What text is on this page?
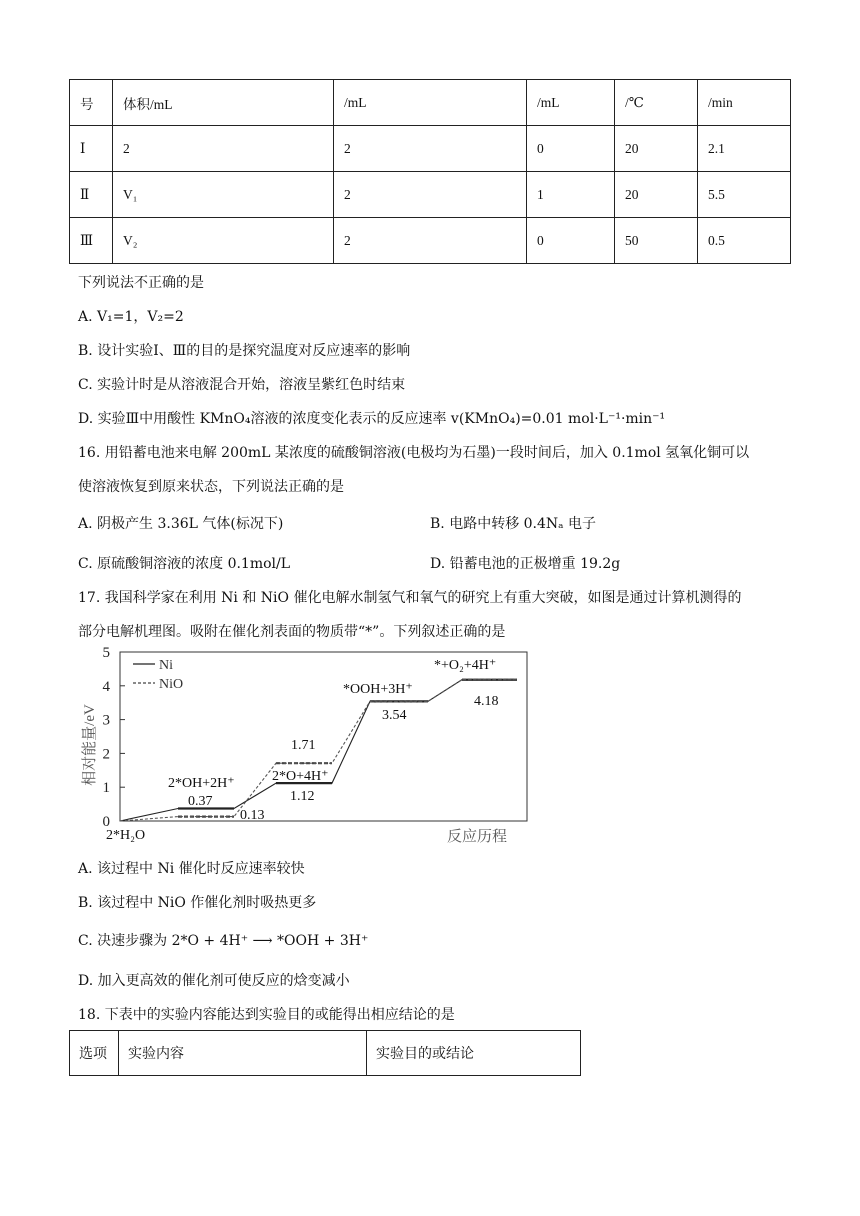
号	体积/mL	/mL	/mL	/℃	/min
Ⅰ	2	2	0	20	2.1
Ⅱ	V₁	2	1	20	5.5
Ⅲ	V₂	2	0	50	0.5
下列说法不正确的是
A. V₁=1，V₂=2
B. 设计实验Ⅰ、Ⅲ的目的是探究温度对反应速率的影响
C. 实验计时是从溶液混合开始，溶液呈紫红色时结束
D. 实验Ⅲ中用酸性 KMnO₄溶液的浓度变化表示的反应速率 v(KMnO₄)=0.01 mol·L⁻¹·min⁻¹
16. 用铅蓄电池来电解 200mL 某浓度的硫酸铜溶液(电极均为石墨)一段时间后，加入 0.1mol 氢氧化铜可以
使溶液恢复到原来状态，下列说法正确的是
A. 阴极产生 3.36L 气体(标况下)	B. 电路中转移 0.4Nₐ 电子
C. 原硫酸铜溶液的浓度 0.1mol/L	D. 铅蓄电池的正极增重 19.2g
17. 我国科学家在利用 Ni 和 NiO 催化电解水制氢气和氧气的研究上有重大突破，如图是通过计算机测得的
部分电解机理图。吸附在催化剂表面的物质带“*”。下列叙述正确的是
0
1
2
3
4
5
相对能量/eV
反应历程
Ni
NiO
2*H₂O
2*OH+2H⁺	2*O+4H⁺
*OOH+3H⁺
*+O₂+4H⁺
0.37
0.13
1.71
1.12
3.54
4.18
A. 该过程中 Ni 催化时反应速率较快
B. 该过程中 NiO 作催化剂时吸热更多
C. 决速步骤为 2*O + 4H⁺ ⟶ *OOH + 3H⁺
D. 加入更高效的催化剂可使反应的焓变减小
18. 下表中的实验内容能达到实验目的或能得出相应结论的是
选项	实验内容	实验目的或结论
